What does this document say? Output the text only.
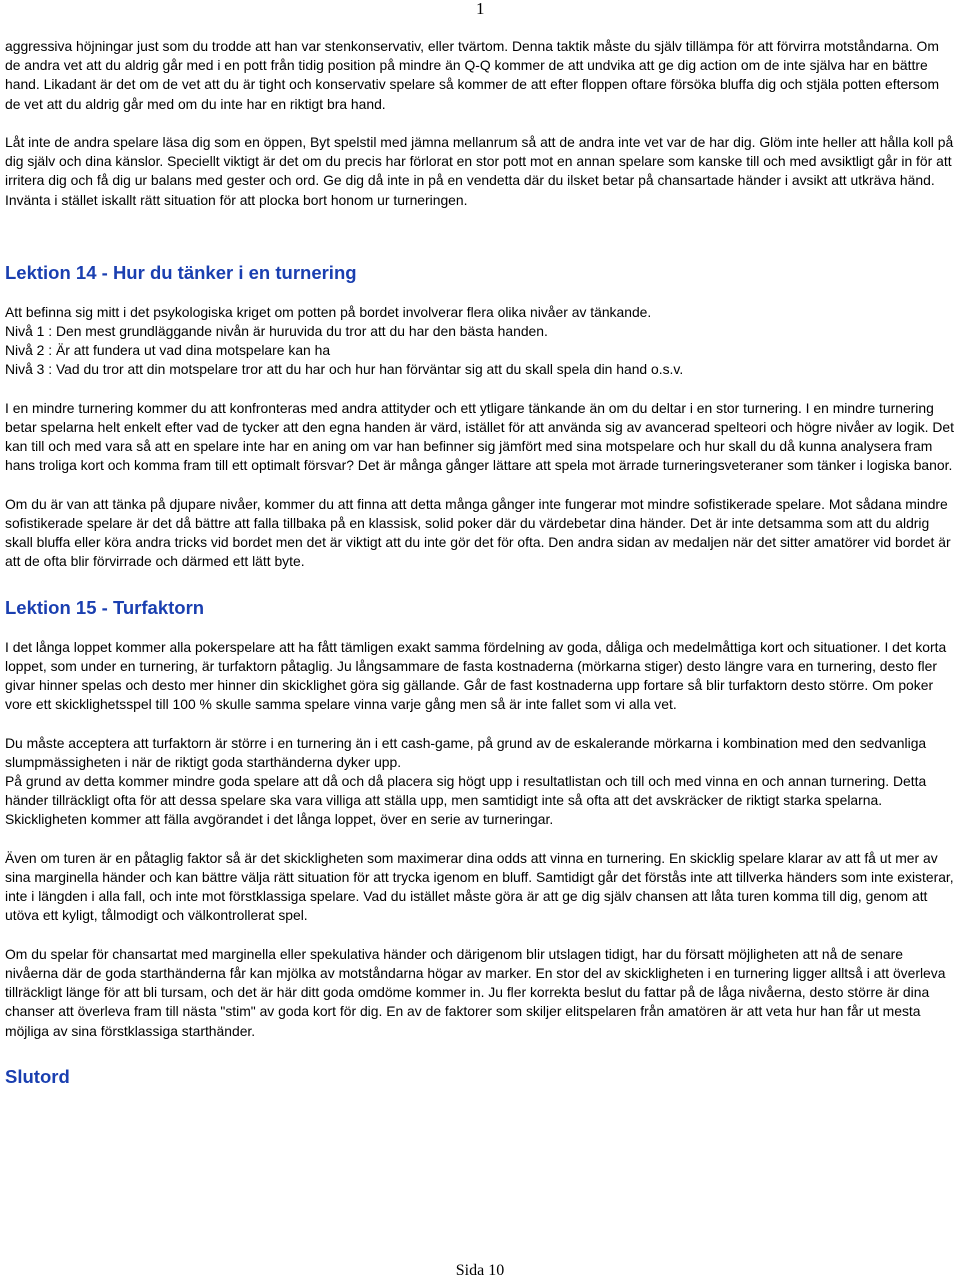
1

aggressiva höjningar just som du trodde att han var stenkonservativ, eller tvärtom. Denna taktik måste du själv tillämpa för att förvirra motståndarna. Om de andra vet att du aldrig går med i en pott från tidig position på mindre än Q-Q kommer de att undvika att ge dig action om de inte själva har en bättre hand. Likadant är det om de vet att du är tight och konservativ spelare så kommer de att efter floppen oftare försöka bluffa dig och stjäla potten eftersom de vet att du aldrig går med om du inte har en riktigt bra hand.

Låt inte de andra spelare läsa dig som en öppen, Byt spelstil med jämna mellanrum så att de andra inte vet var de har dig. Glöm inte heller att hålla koll på dig själv och dina känslor. Speciellt viktigt är det om du precis har förlorat en stor pott mot en annan spelare som kanske till och med avsiktligt går in för att irritera dig och få dig ur balans med gester och ord. Ge dig då inte in på en vendetta där du ilsket betar på chansartade händer i avsikt att utkräva händ. Invänta i stället iskallt rätt situation för att plocka bort honom ur turneringen.

Lektion 14 - Hur du tänker i en turnering

Att befinna sig mitt i det psykologiska kriget om potten på bordet involverar flera olika nivåer av tänkande.

Nivå 1 : Den mest grundläggande nivån är huruvida du tror att du har den bästa handen.

Nivå 2 : Är att fundera ut vad dina motspelare kan ha

Nivå 3 : Vad du tror att din motspelare tror att du har och hur han förväntar sig att du skall spela din hand o.s.v.

I en mindre turnering kommer du att konfronteras med andra attityder och ett ytligare tänkande än om du deltar i en stor turnering. I en mindre turnering betar spelarna helt enkelt efter vad de tycker att den egna handen är värd, istället för att använda sig av avancerad spelteori och högre nivåer av logik. Det kan till och med vara så att en spelare inte har en aning om var han befinner sig jämfört med sina motspelare och hur skall du då kunna analysera fram hans troliga kort och komma fram till ett optimalt försvar? Det är många gånger lättare att spela mot ärrade turneringsveteraner som tänker i logiska banor.

Om du är van att tänka på djupare nivåer, kommer du att finna att detta många gånger inte fungerar mot mindre sofistikerade spelare. Mot sådana mindre sofistikerade spelare är det då bättre att falla tillbaka på en klassisk, solid poker där du värdebetar dina händer. Det är inte detsamma som att du aldrig skall bluffa eller köra andra tricks vid bordet men det är viktigt att du inte gör det för ofta. Den andra sidan av medaljen när det sitter amatörer vid bordet är att de ofta blir förvirrade och därmed ett lätt byte.

Lektion 15 - Turfaktorn

I det långa loppet kommer alla pokerspelare att ha fått tämligen exakt samma fördelning av goda, dåliga och medelmåttiga kort och situationer. I det korta loppet, som under en turnering, är turfaktorn påtaglig. Ju långsammare de fasta kostnaderna (mörkarna stiger) desto längre vara en turnering, desto fler givar hinner spelas och desto mer hinner din skicklighet göra sig gällande. Går de fast kostnaderna upp fortare så blir turfaktorn desto större. Om poker vore ett skicklighetsspel till 100 % skulle samma spelare vinna varje gång men så är inte fallet som vi alla vet.

Du måste acceptera att turfaktorn är större i en turnering än i ett cash-game, på grund av de eskalerande mörkarna i kombination med den sedvanliga slumpmässigheten i när de riktigt goda starthänderna dyker upp.

På grund av detta kommer mindre goda spelare att då och då placera sig högt upp i resultatlistan och till och med vinna en och annan turnering. Detta händer tillräckligt ofta för att dessa spelare ska vara villiga att ställa upp, men samtidigt inte så ofta att det avskräcker de riktigt starka spelarna. Skickligheten kommer att fälla avgörandet i det långa loppet, över en serie av turneringar.

Även om turen är en påtaglig faktor så är det skickligheten som maximerar dina odds att vinna en turnering. En skicklig spelare klarar av att få ut mer av sina marginella händer och kan bättre välja rätt situation för att trycka igenom en bluff. Samtidigt går det förstås inte att tillverka händers som inte existerar, inte i längden i alla fall, och inte mot förstklassiga spelare. Vad du istället måste göra är att ge dig själv chansen att låta turen komma till dig, genom att utöva ett kyligt, tålmodigt och välkontrollerat spel.

Om du spelar för chansartat med marginella eller spekulativa händer och därigenom blir utslagen tidigt, har du försatt möjligheten att nå de senare nivåerna där de goda starthänderna får kan mjölka av motståndarna högar av marker. En stor del av skickligheten i en turnering ligger alltså i att överleva tillräckligt länge för att bli tursam, och det är här ditt goda omdöme kommer in. Ju fler korrekta beslut du fattar på de låga nivåerna, desto större är dina chanser att överleva fram till nästa "stim" av goda kort för dig. En av de faktorer som skiljer elitspelaren från amatören är att veta hur han får ut mesta möjliga av sina förstklassiga starthänder.

Slutord
Sida 10
